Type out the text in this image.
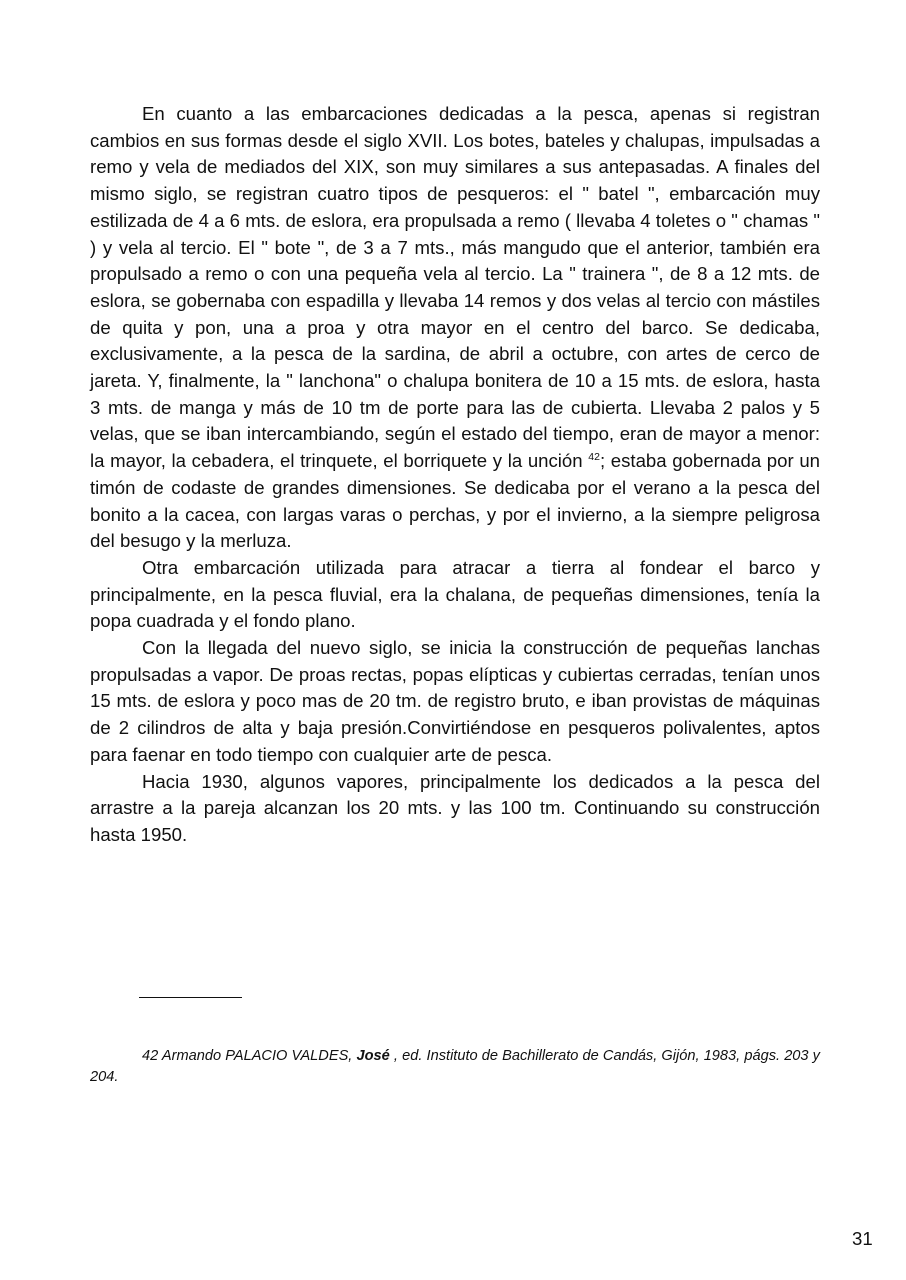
En cuanto a las embarcaciones dedicadas a la pesca, apenas si registran cambios en sus formas desde el siglo XVII. Los botes, bateles y chalupas, impulsadas a remo y vela de mediados del XIX, son muy similares a sus antepasadas. A finales del mismo siglo, se registran cuatro tipos de pesqueros: el " batel ", embarcación muy estilizada de 4 a 6 mts. de eslora, era propulsada a remo ( llevaba 4 toletes o " chamas " ) y vela al tercio. El " bote ", de 3 a 7 mts., más mangudo que el anterior, también era propulsado a remo o con una pequeña vela al tercio. La " trainera ", de 8 a 12 mts. de eslora, se gobernaba con espadilla y llevaba 14 remos y dos velas al tercio con mástiles de quita y pon, una a proa y otra mayor en el centro del barco. Se dedicaba, exclusivamente, a la pesca de la sardina, de abril a octubre, con artes de cerco de jareta. Y, finalmente, la " lanchona" o chalupa bonitera de 10 a 15 mts. de eslora, hasta 3 mts. de manga y más de 10 tm de porte para las de cubierta. Llevaba 2 palos y 5 velas, que se iban intercambiando, según el estado del tiempo, eran de mayor a menor: la mayor, la cebadera, el trinquete, el borriquete y la unción $^{42}$; estaba gobernada por un timón de codaste de grandes dimensiones. Se dedicaba por el verano a la pesca del bonito a la cacea, con largas varas o perchas, y por el invierno, a la siempre peligrosa del besugo y la merluza.

Otra embarcación utilizada para atracar a tierra al fondear el barco y principalmente, en la pesca fluvial, era la chalana, de pequeñas dimensiones, tenía la popa cuadrada y el fondo plano.

Con la llegada del nuevo siglo, se inicia la construcción de pequeñas lanchas propulsadas a vapor. De proas rectas, popas elípticas y cubiertas cerradas, tenían unos 15 mts. de eslora y poco mas de 20 tm. de registro bruto, e iban provistas de máquinas de 2 cilindros de alta y baja presión.Convirtiéndose en pesqueros polivalentes, aptos para faenar en todo tiempo con cualquier arte de pesca.

Hacia 1930, algunos vapores, principalmente los dedicados a la pesca del arrastre a la pareja alcanzan los 20 mts. y las 100 tm. Continuando su construcción hasta 1950.

42 Armando PALACIO VALDES, José , ed. Instituto de Bachillerato de Candás, Gijón, 1983, págs. 203 y 204.

31
